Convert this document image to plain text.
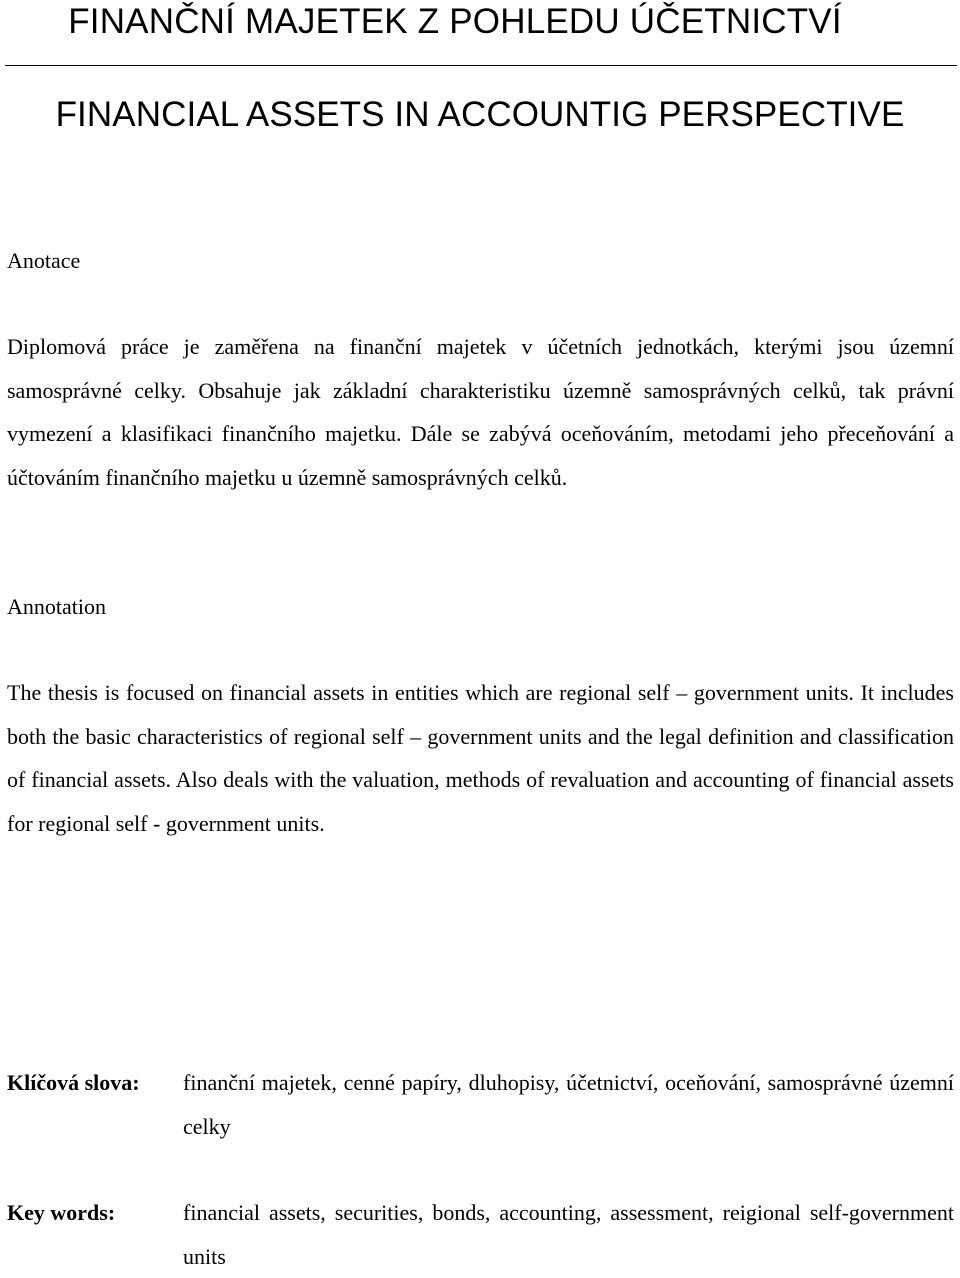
FINANČNÍ MAJETEK Z POHLEDU ÚČETNICTVÍ
FINANCIAL ASSETS IN ACCOUNTIG PERSPECTIVE
Anotace

Diplomová práce je zaměřena na finanční majetek v účetních jednotkách, kterými jsou územní samosprávné celky. Obsahuje jak základní charakteristiku územně samosprávných celků, tak právní vymezení a klasifikaci finančního majetku. Dále se zabývá oceňováním, metodami jeho přeceňování a účtováním finančního majetku u územně samosprávných celků.

Annotation

The thesis is focused on financial assets in entities which are regional self – government units. It includes both the basic characteristics of regional self – government units and the legal definition and classification of financial assets. Also deals with the valuation, methods of revaluation and accounting of financial assets for regional self - government units.

Klíčová slova: finanční majetek, cenné papíry, dluhopisy, účetnictví, oceňování, samosprávné územní celky
Key words:	financial assets, securities, bonds, accounting, assessment, reigional self-government units
